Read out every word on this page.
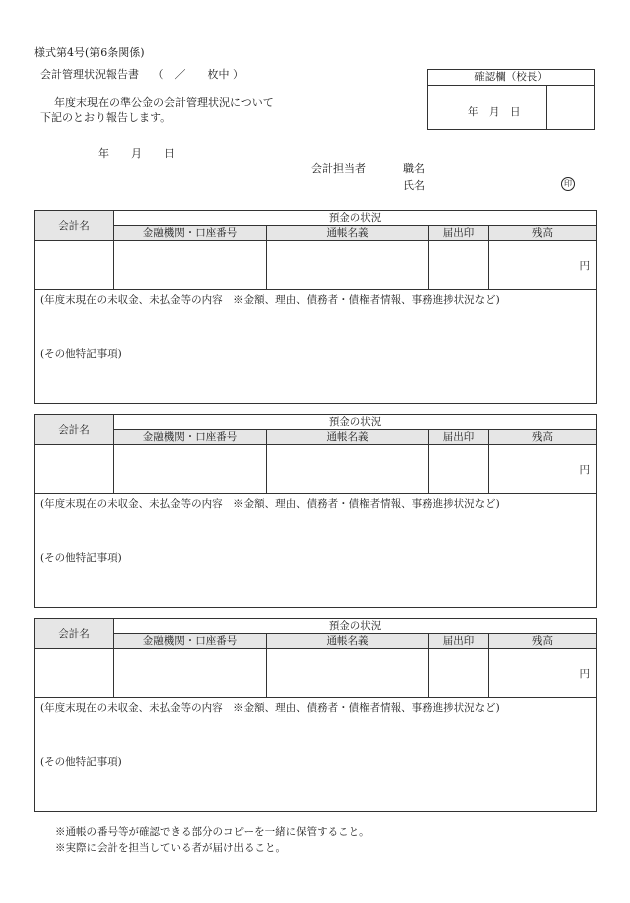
様式第4号(第6条関係)
会計管理状況報告書 （　／　　枚中 ）
年度末現在の準公金の会計管理状況について
下記のとおり報告します。
確認欄（校長）
年　月　日
年　　月　　日
会計担当者	職名
氏名	印
会計名	預金の状況			
	金融機関・口座番号	通帳名義	届出印	残高
				円

(年度末現在の未収金、未払金等の内容　※金額、理由、債務者・債権者情報、事務進捗状況など)
(その他特記事項)				
会計名	預金の状況			
	金融機関・口座番号	通帳名義	届出印	残高
				円

(年度末現在の未収金、未払金等の内容　※金額、理由、債務者・債権者情報、事務進捗状況など)
(その他特記事項)				
会計名	預金の状況			
	金融機関・口座番号	通帳名義	届出印	残高
				円

(年度末現在の未収金、未払金等の内容　※金額、理由、債務者・債権者情報、事務進捗状況など)
(その他特記事項)				
※通帳の番号等が確認できる部分のコピーを一緒に保管すること。
※実際に会計を担当している者が届け出ること。
